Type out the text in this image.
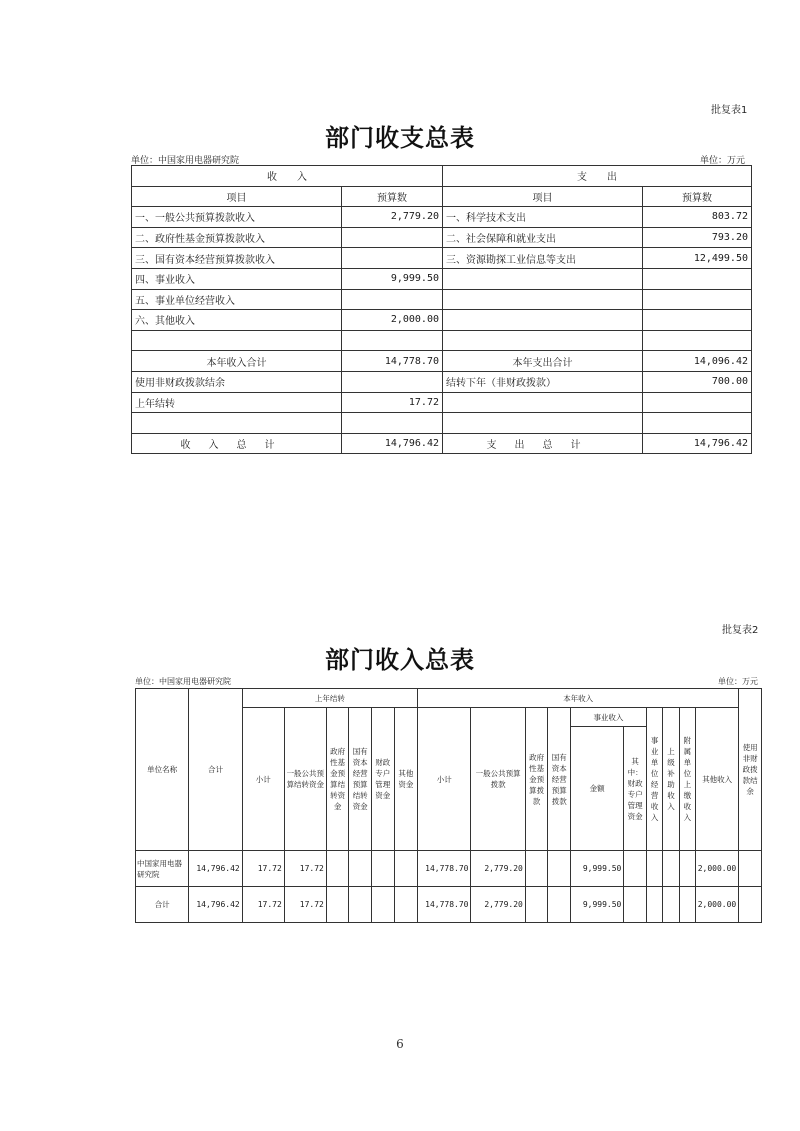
批复表1
部门收支总表
单位：中国家用电器研究院	单位：万元
收　　入		支　　出	
项目	预算数	项目	预算数
一、一般公共预算拨款收入	2,779.20	一、科学技术支出	803.72
二、政府性基金预算拨款收入		二、社会保障和就业支出	793.20
三、国有资本经营预算拨款收入		三、资源勘探工业信息等支出	12,499.50
四、事业收入	9,999.50		
五、事业单位经营收入			
六、其他收入	2,000.00		

本年收入合计	14,778.70	本年支出合计	14,096.42
使用非财政拨款结余		结转下年（非财政拨款）	700.00
上年结转	17.72		

收入总计	14,796.42	支出总计	14,796.42
批复表2
部门收入总表
单位：中国家用电器研究院	单位：万元
单位名称	合计	上年结转						本年收入										使用非财政拨款结余
		小计	一般公共预算结转资金	政府性基金预算结转资金	国有资本经营预算结转资金	财政专户管理资金	其他资金	小计	一般公共预算拨款	政府性基金预算拨款	国有资本经营预算拨款	事业收入		事业单位经营收入	上级补助收入	附属单位上缴收入	其他收入	
												金额	其中：财政专户管理资金					
中国家用电器研究院	14,796.42	17.72	17.72					14,778.70	2,779.20			9,999.50					2,000.00	
合计	14,796.42	17.72	17.72					14,778.70	2,779.20			9,999.50					2,000.00	
6
